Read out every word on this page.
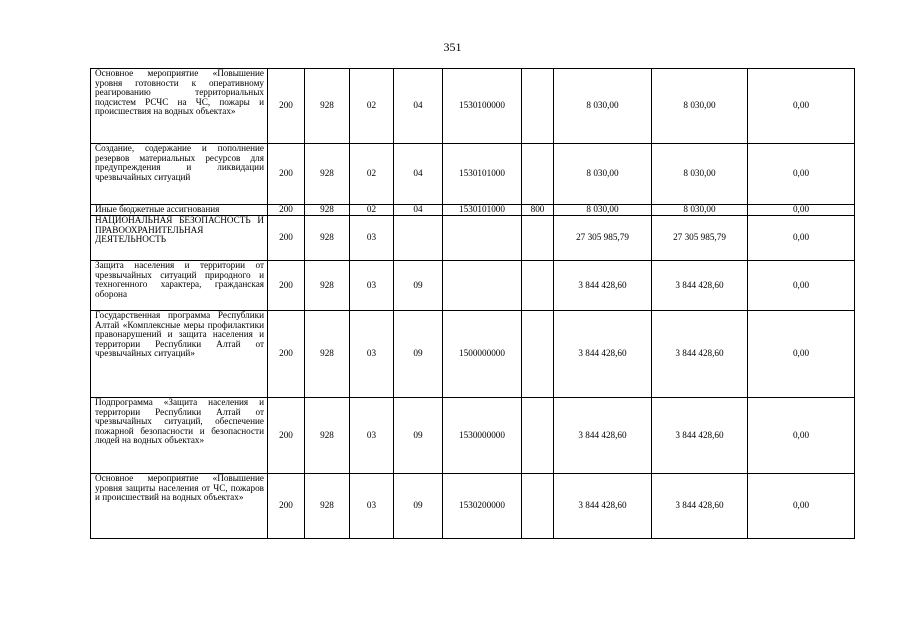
351
Основное мероприятие «Повышение уровня готовности к оперативному реагированию территориальных подсистем РСЧС на ЧС, пожары и происшествия на водных объектах»	200	928	02	04	1530100000		8 030,00	8 030,00	0,00
Создание, содержание и пополнение резервов материальных ресурсов для предупреждения и ликвидации чрезвычайных ситуаций	200	928	02	04	1530101000		8 030,00	8 030,00	0,00
Иные бюджетные ассигнования	200	928	02	04	1530101000	800	8 030,00	8 030,00	0,00
НАЦИОНАЛЬНАЯ БЕЗОПАСНОСТЬ И ПРАВООХРАНИТЕЛЬНАЯ ДЕЯТЕЛЬНОСТЬ	200	928	03				27 305 985,79	27 305 985,79	0,00
Защита населения и территории от чрезвычайных ситуаций природного и техногенного характера, гражданская оборона	200	928	03	09			3 844 428,60	3 844 428,60	0,00
Государственная программа Республики Алтай «Комплексные меры профилактики правонарушений и защита населения и территории Республики Алтай от чрезвычайных ситуаций»	200	928	03	09	1500000000		3 844 428,60	3 844 428,60	0,00
Подпрограмма «Защита населения и территории Республики Алтай от чрезвычайных ситуаций, обеспечение пожарной безопасности и безопасности людей на водных объектах»	200	928	03	09	1530000000		3 844 428,60	3 844 428,60	0,00
Основное мероприятие «Повышение уровня защиты населения от ЧС, пожаров и происшествий на водных объектах»	200	928	03	09	1530200000		3 844 428,60	3 844 428,60	0,00
